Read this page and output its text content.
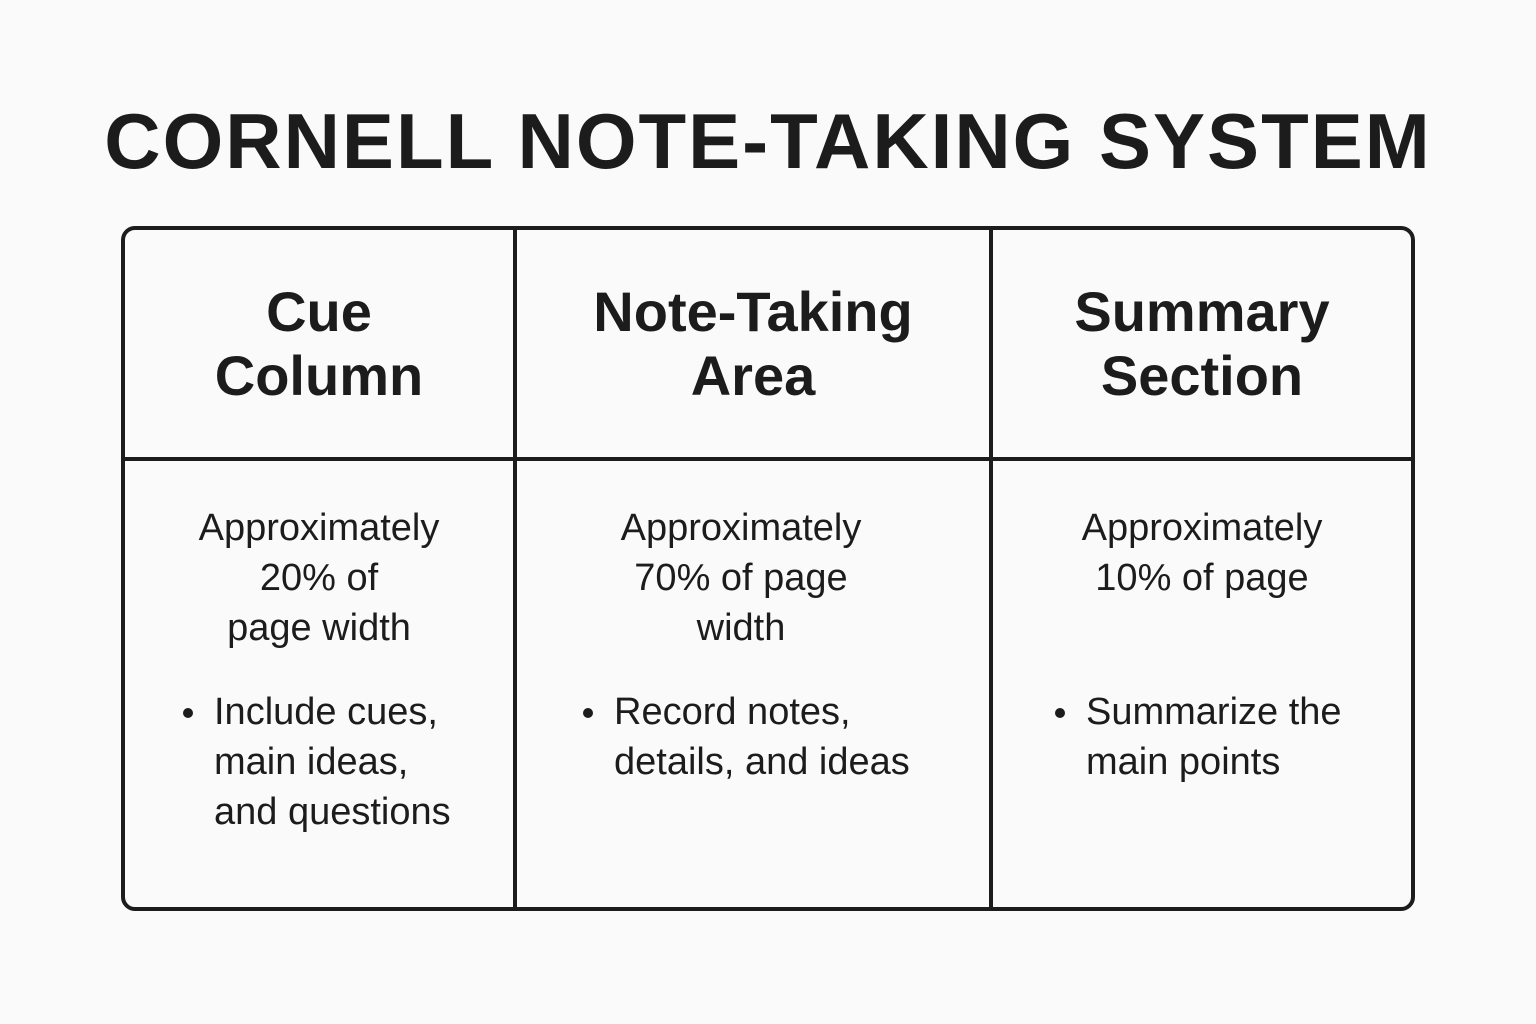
CORNELL NOTE-TAKING SYSTEM
Cue
Column
Note-Taking
Area
Summary
Section
Approximately
20% of
page width
Include cues,
main ideas,
and questions
Approximately
70% of page
width
Record notes,
details, and ideas
Approximately
10% of page
Summarize the
main points
